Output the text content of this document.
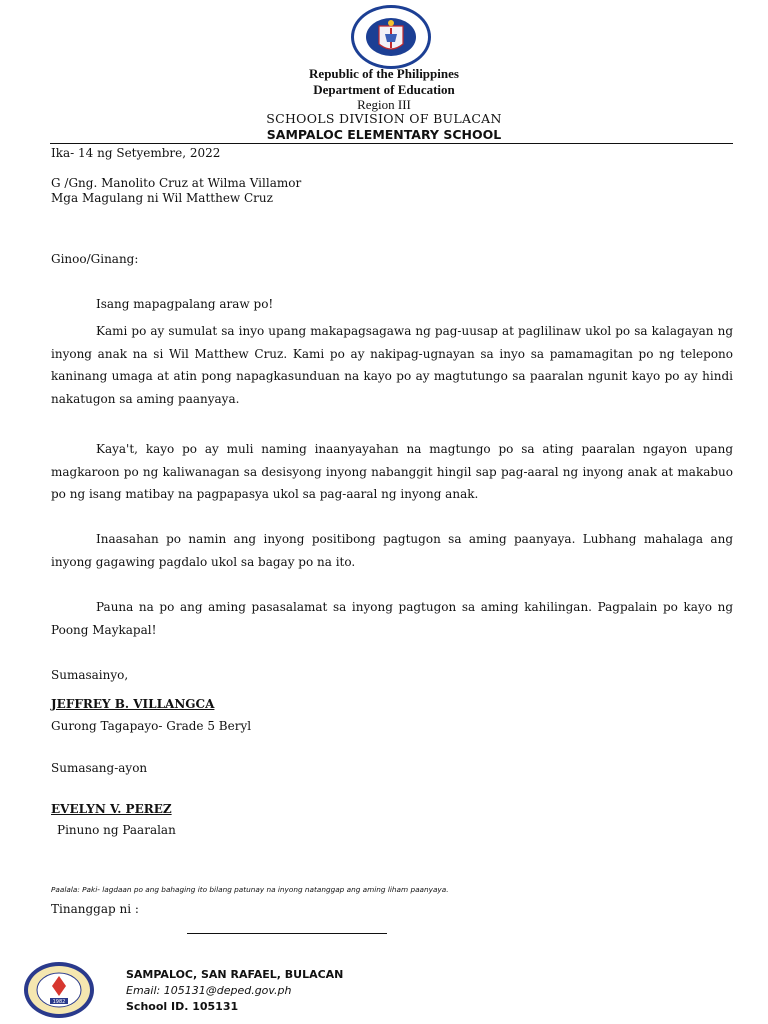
Republic of the Philippines
Department of Education
Region III
SCHOOLS DIVISION OF BULACAN
SAMPALOC ELEMENTARY SCHOOL
Ika- 14 ng Setyembre, 2022
G /Gng. Manolito Cruz at Wilma Villamor
Mga Magulang ni Wil Matthew Cruz
Ginoo/Ginang:
Isang mapagpalang araw po!
Kami po ay sumulat sa inyo upang makapagsagawa ng pag-uusap at paglilinaw ukol po sa kalagayan ng inyong anak na si Wil Matthew Cruz. Kami po ay nakipag-ugnayan sa inyo sa pamamagitan po ng telepono kaninang umaga at atin pong napagkasunduan na kayo po ay magtutungo sa paaralan ngunit kayo po ay hindi nakatugon sa aming paanyaya.
Kaya't, kayo po ay muli naming inaanyayahan na magtungo po sa ating paaralan ngayon upang magkaroon po ng kaliwanagan sa desisyong inyong nabanggit hingil sap pag-aaral ng inyong anak at makabuo po ng isang matibay na pagpapasya ukol sa pag-aaral ng inyong anak.
Inaasahan po namin ang inyong positibong pagtugon sa aming paanyaya. Lubhang mahalaga ang inyong gagawing pagdalo ukol sa bagay po na ito.
Pauna na po ang aming pasasalamat sa inyong pagtugon sa aming kahilingan. Pagpalain po kayo ng Poong Maykapal!
Sumasainyo,
JEFFREY B. VILLANGCA
Gurong Tagapayo- Grade 5 Beryl
Sumasang-ayon
EVELYN V. PEREZ
Pinuno ng Paaralan
Paalala: Paki- lagdaan po ang bahaging ito bilang patunay na inyong natanggap ang aming liham paanyaya.
Tinanggap ni :
1982
SAMPALOC, SAN RAFAEL, BULACAN
Email: 105131@deped.gov.ph
School ID. 105131
